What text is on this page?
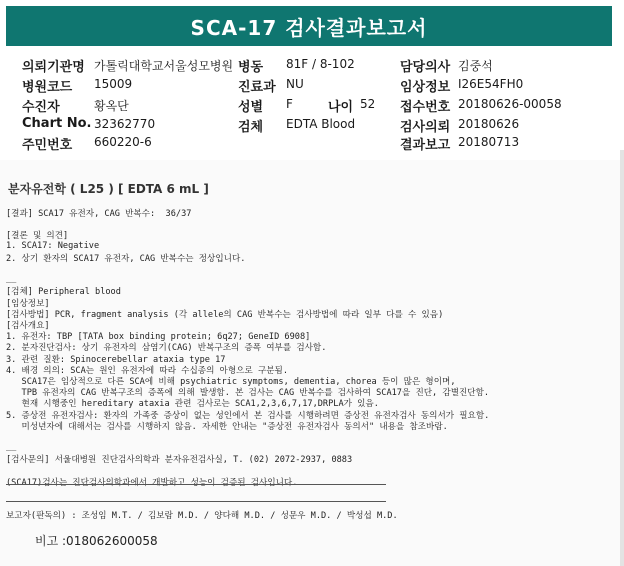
SCA-17 검사결과보고서
의뢰기관명 가톨릭대학교서울성모병원
병원코드 15009
수진자	황옥단
Chart No. 32362770
주민번호 660220-6
병동 81F / 8-102
진료과 NU
성별 F	나이 52
검체 EDTA Blood
담당의사 김중석
임상정보 I26E54FH0
접수번호 20180626-00058
검사의뢰 20180626
결과보고 20180713
분자유전학 ( L25 ) [ EDTA 6 mL ]
[결과] SCA17 유전자, CAG 반복수:  36/37
[결론 및 의견]
1. SCA17: Negative
2. 상기 환자의 SCA17 유전자, CAG 반복수는 정상입니다.
__
[검체] Peripheral blood
[임상정보]
[검사방법] PCR, fragment analysis (각 allele의 CAG 반복수는 검사방법에 따라 일부 다를 수 있음)
[검사개요]
1. 유전자: TBP [TATA box binding protein; 6q27; GeneID 6908]
2. 분자진단검사: 상기 유전자의 삼염기(CAG) 반복구조의 증폭 여부를 검사함.
3. 관련 질환: Spinocerebellar ataxia type 17
4. 배경 의의: SCA는 원인 유전자에 따라 수십종의 아형으로 구분됨.
SCA17은 임상적으로 다른 SCA에 비해 psychiatric symptoms, dementia, chorea 등이 많은 형이며,
TPB 유전자의 CAG 반복구조의 증폭에 의해 발생함. 본 검사는 CAG 반복수를 검사하여 SCA17을 진단, 감별진단함.
현재 시행중인 hereditary ataxia 관련 검사로는 SCA1,2,3,6,7,17,DRPLA가 있음.
5. 증상전 유전자검사: 환자의 가족중 증상이 없는 성인에서 본 검사를 시행하려면 증상전 유전자검사 동의서가 필요함.
미성년자에 대해서는 검사를 시행하지 않음. 자세한 안내는 "증상전 유전자검사 동의서" 내용을 참조바람.
__
[검사문의] 서울대병원 진단검사의학과 분자유전검사실, T. (02) 2072-2937, 0883
(SCA17)검사는 진단검사의학과에서 개발하고 성능이 검증된 검사입니다.
보고자(판독의) : 조성임 M.T. / 김보람 M.D. / 양다해 M.D. / 성문우 M.D. / 박성섭 M.D.
비고 :018062600058
